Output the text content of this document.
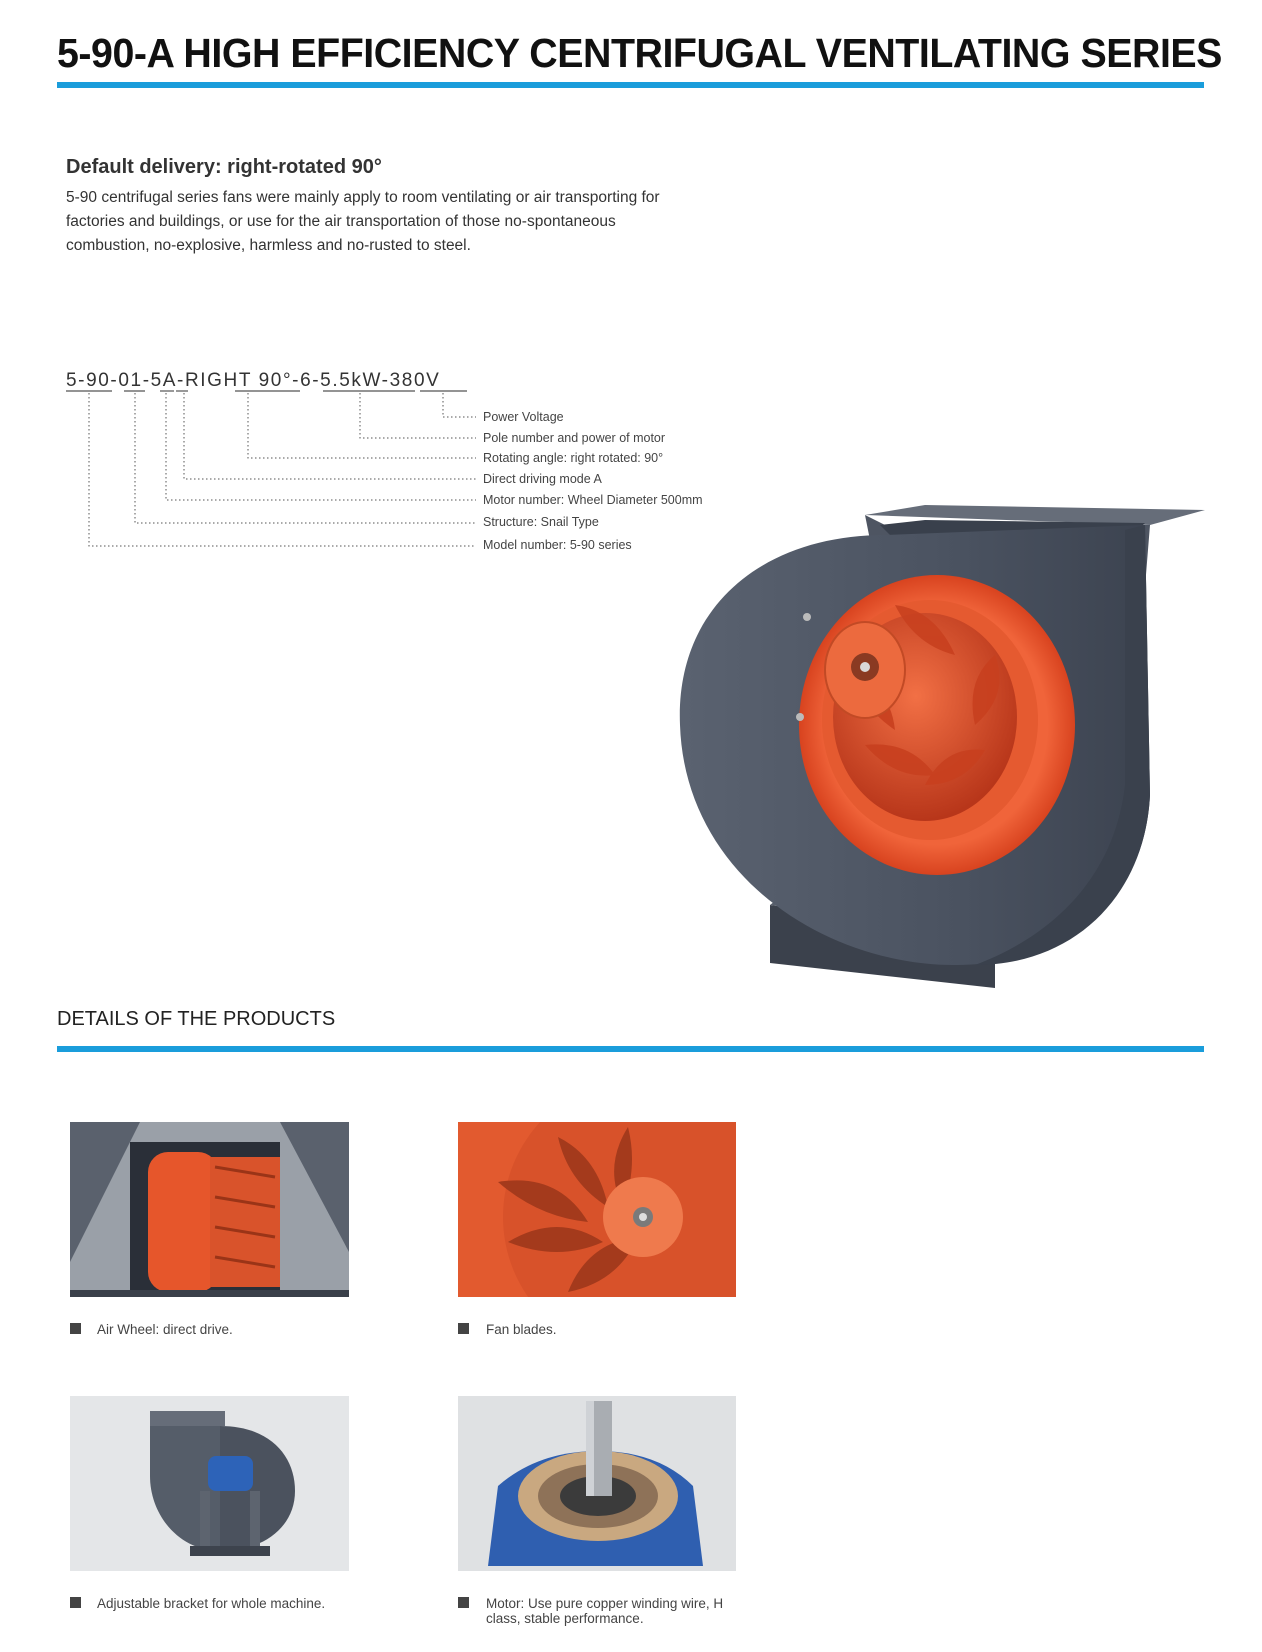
5-90-A HIGH EFFICIENCY CENTRIFUGAL VENTILATING SERIES
Default delivery: right-rotated 90°
5-90 centrifugal series fans were mainly apply to room ventilating or air transporting for
factories and buildings, or use for the air transportation of those no-spontaneous
combustion, no-explosive, harmless and no-rusted to steel.
5-90-01-5A-RIGHT 90°-6-5.5kW-380V
Power Voltage
Pole number and power of motor
Rotating angle: right rotated: 90°
Direct driving mode A
Motor number: Wheel Diameter 500mm
Structure: Snail Type
Model number: 5-90 series
DETAILS OF THE PRODUCTS
Air Wheel: direct drive.	Fan blades.
Adjustable bracket for whole machine.	Motor: Use pure copper winding wire, H
class, stable performance.
